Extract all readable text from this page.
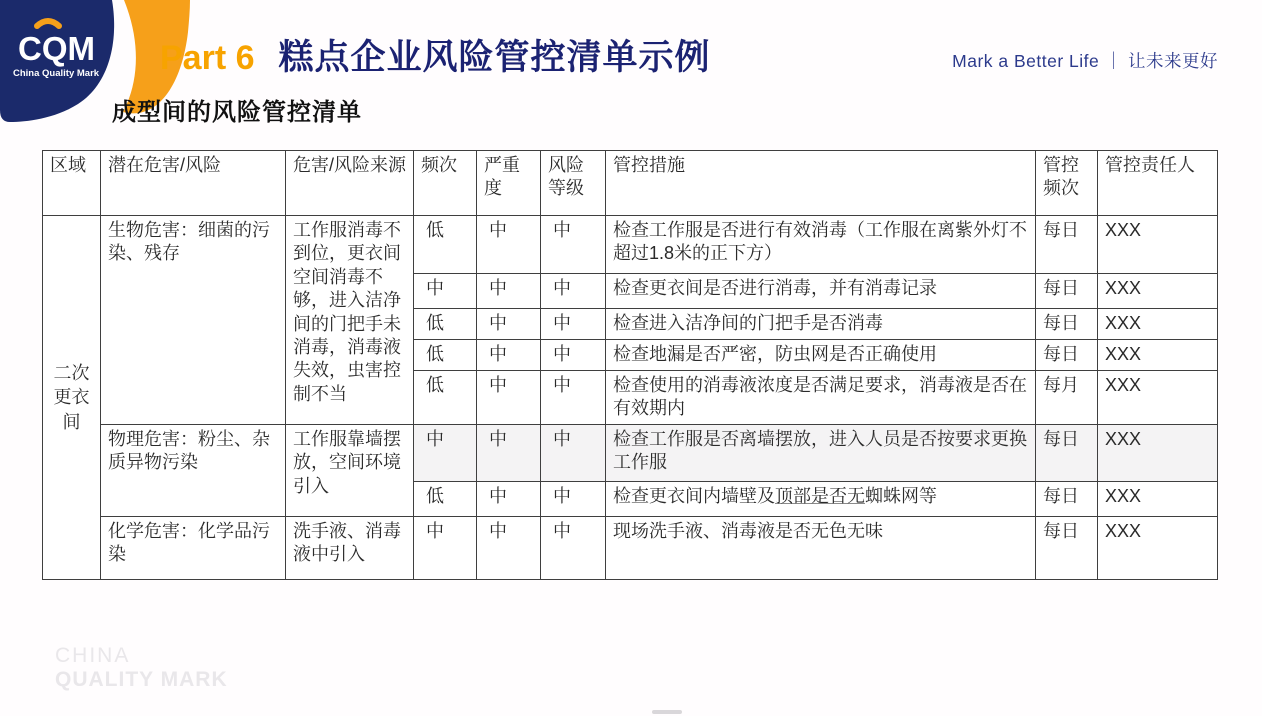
CQM
China Quality Mark Part 6 糕点企业风险管控清单示例	Mark a Better Life ｜ 让未来更好
成型间的风险管控清单
区域	潜在危害/风险	危害/风险来源	频次	严重度	风险等级	管控措施	管控频次	管控责任人
二次更衣间	生物危害：细菌的污染、残存	工作服消毒不到位，更衣间空间消毒不够，进入洁净间的门把手未消毒，消毒液失效，虫害控制不当	低	中	中	检查工作服是否进行有效消毒（工作服在离紫外灯不超过1.8米的正下方）	每日	XXX
			中	中	中	检查更衣间是否进行消毒，并有消毒记录	每日	XXX
			低	中	中	检查进入洁净间的门把手是否消毒	每日	XXX
			低	中	中	检查地漏是否严密，防虫网是否正确使用	每日	XXX
			低	中	中	检查使用的消毒液浓度是否满足要求，消毒液是否在有效期内	每月	XXX
	物理危害：粉尘、杂质异物污染	工作服靠墙摆放，空间环境引入	中	中	中	检查工作服是否离墙摆放，进入人员是否按要求更换工作服	每日	XXX
			低	中	中	检查更衣间内墙壁及顶部是否无蜘蛛网等	每日	XXX
	化学危害：化学品污染	洗手液、消毒液中引入	中	中	中	现场洗手液、消毒液是否无色无味	每日	XXX
CHINA
QUALITY MARK
